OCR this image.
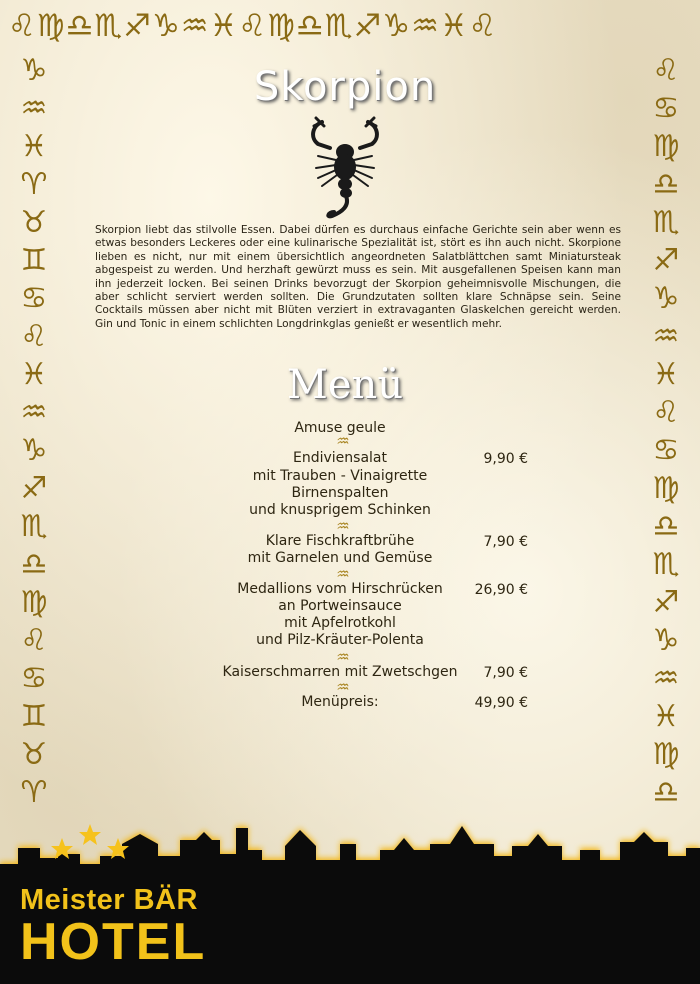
♌♍♎♏♐♑♒♓♌♍♎♏♐♑♒♓♌
♑
♒
♓
♈
♉
♊
♋
♌
♓
♒
♑
♐
♏
♎
♍
♌
♋
♊
♉
♈
♌
♋
♍
♎
♏
♐
♑
♒
♓
♌
♋
♍
♎
♏
♐
♑
♒
♓
♍
♎
Skorpion
Skorpion liebt das stilvolle Essen. Dabei dürfen es durchaus einfache Gerichte sein aber wenn es etwas besonders Leckeres oder eine kulinarische Spezialität ist, stört es ihn auch nicht. Skorpione lieben es nicht, nur mit einem übersichtlich angeordneten Salatblättchen samt Miniatursteak abgespeist zu werden. Und herzhaft gewürzt muss es sein. Mit ausgefallenen Speisen kann man ihn jederzeit locken. Bei seinen Drinks bevorzugt der Skorpion geheimnisvolle Mischungen, die aber schlicht serviert werden sollten. Die Grundzutaten sollten klare Schnäpse sein. Seine Cocktails müssen aber nicht mit Blüten verziert in extravaganten Glaskelchen gereicht werden. Gin und Tonic in einem schlichten Longdrinkglas genießt er wesentlich mehr.
Menü
Amuse geule
♒
Endiviensalat
mit Trauben - Vinaigrette
Birnenspalten
und knusprigem Schinken
9,90 €
♒
Klare Fischkraftbrühe
mit Garnelen und Gemüse
7,90 €
♒
Medallions vom Hirschrücken
an Portweinsauce
mit Apfelrotkohl
und Pilz-Kräuter-Polenta
26,90 €
♒
Kaiserschmarren mit Zwetschgen	7,90 €
♒
Menüpreis:	49,90 €
Meister BÄR
HOTEL
